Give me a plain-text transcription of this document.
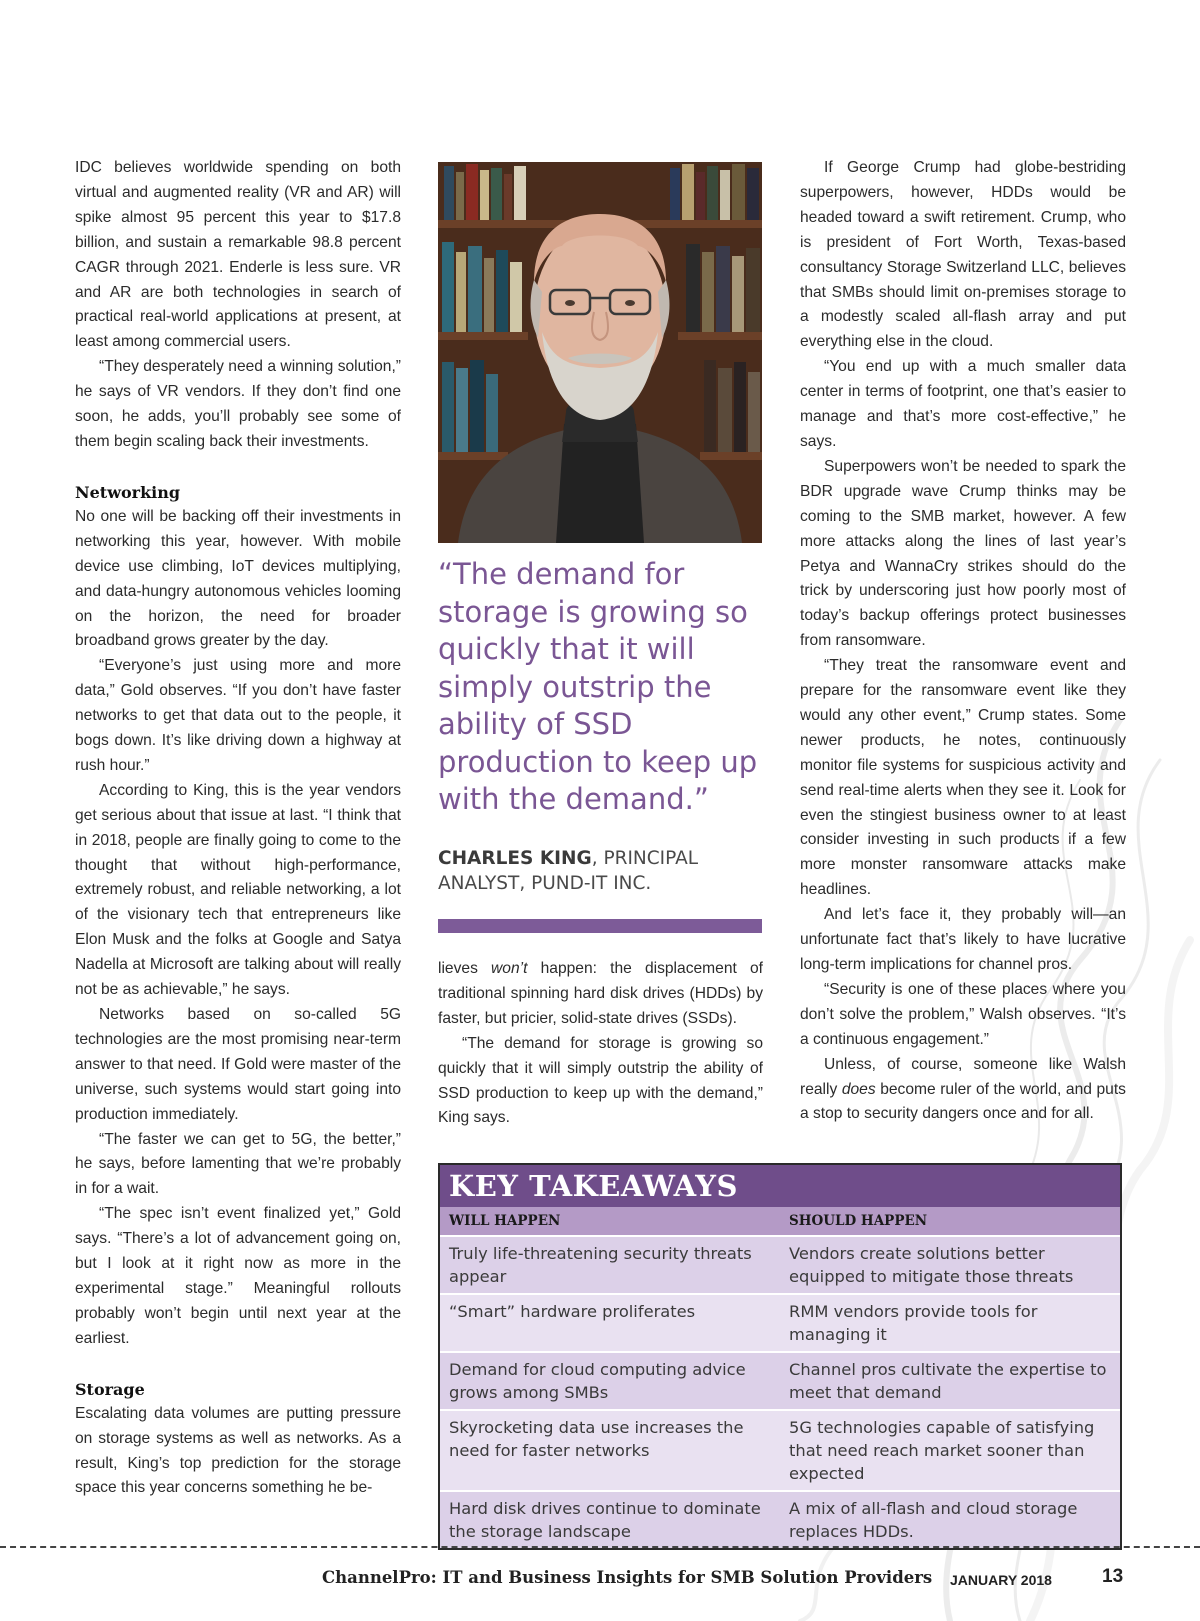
IDC believes worldwide spending on both virtual and augmented reality (VR and AR) will spike almost 95 percent this year to $17.8 billion, and sustain a remarkable 98.8 percent CAGR through 2021. Enderle is less sure. VR and AR are both technologies in search of practical real-world applications at present, at least among commercial users.

“They desperately need a winning solution,” he says of VR vendors. If they don’t find one soon, he adds, you’ll probably see some of them begin scaling back their investments.

Networking

No one will be backing off their investments in networking this year, however. With mobile device use climbing, IoT devices multiplying, and data-hungry autonomous vehicles looming on the horizon, the need for broader broadband grows greater by the day.

“Everyone’s just using more and more data,” Gold observes. “If you don’t have faster networks to get that data out to the people, it bogs down. It’s like driving down a highway at rush hour.”

According to King, this is the year vendors get serious about that issue at last. “I think that in 2018, people are finally going to come to the thought that without high-performance, extremely robust, and reliable networking, a lot of the visionary tech that entrepreneurs like Elon Musk and the folks at Google and Satya Nadella at Microsoft are talking about will really not be as achievable,” he says.

Networks based on so-called 5G technologies are the most promising near-term answer to that need. If Gold were master of the universe, such systems would start going into production immediately.

“The faster we can get to 5G, the better,” he says, before lamenting that we’re probably in for a wait.

“The spec isn’t event finalized yet,” Gold says. “There’s a lot of advancement going on, but I look at it right now as more in the experimental stage.” Meaningful rollouts probably won’t begin until next year at the earliest.

Storage

Escalating data volumes are putting pressure on storage systems as well as networks. As a result, King’s top prediction for the storage space this year concerns something he be-

“The demand for storage is growing so quickly that it will simply outstrip the ability of SSD production to keep up with the demand.”

CHARLES KING, PRINCIPAL ANALYST, PUND-IT INC.

lieves won’t happen: the displacement of traditional spinning hard disk drives (HDDs) by faster, but pricier, solid-state drives (SSDs).

“The demand for storage is growing so quickly that it will simply outstrip the ability of SSD production to keep up with the demand,” King says.

If George Crump had globe-bestriding superpowers, however, HDDs would be headed toward a swift retirement. Crump, who is president of Fort Worth, Texas-based consultancy Storage Switzerland LLC, believes that SMBs should limit on-premises storage to a modestly scaled all-flash array and put everything else in the cloud.

“You end up with a much smaller data center in terms of footprint, one that’s easier to manage and that’s more cost-effective,” he says.

Superpowers won’t be needed to spark the BDR upgrade wave Crump thinks may be coming to the SMB market, however. A few more attacks along the lines of last year’s Petya and WannaCry strikes should do the trick by underscoring just how poorly most of today’s backup offerings protect businesses from ransomware.

“They treat the ransomware event and prepare for the ransomware event like they would any other event,” Crump states. Some newer products, he notes, continuously monitor file systems for suspicious activity and send real-time alerts when they see it. Look for even the stingiest business owner to at least consider investing in such products if a few more monster ransomware attacks make headlines.

And let’s face it, they probably will—an unfortunate fact that’s likely to have lucrative long-term implications for channel pros.

“Security is one of these places where you don’t solve the problem,” Walsh observes. “It’s a continuous engagement.”

Unless, of course, someone like Walsh really does become ruler of the world, and puts a stop to security dangers once and for all.

KEY TAKEAWAYS
WILL HAPPEN	SHOULD HAPPEN
Truly life-threatening security threats appear	Vendors create solutions better equipped to mitigate those threats
“Smart” hardware proliferates	RMM vendors provide tools for managing it
Demand for cloud computing advice grows among SMBs	Channel pros cultivate the expertise to meet that demand
Skyrocketing data use increases the need for faster networks	5G technologies capable of satisfying that need reach market sooner than expected
Hard disk drives continue to dominate the storage landscape	A mix of all-flash and cloud storage replaces HDDs.

ChannelPro: IT and Business Insights for SMB Solution Providers JANUARY 2018	13
